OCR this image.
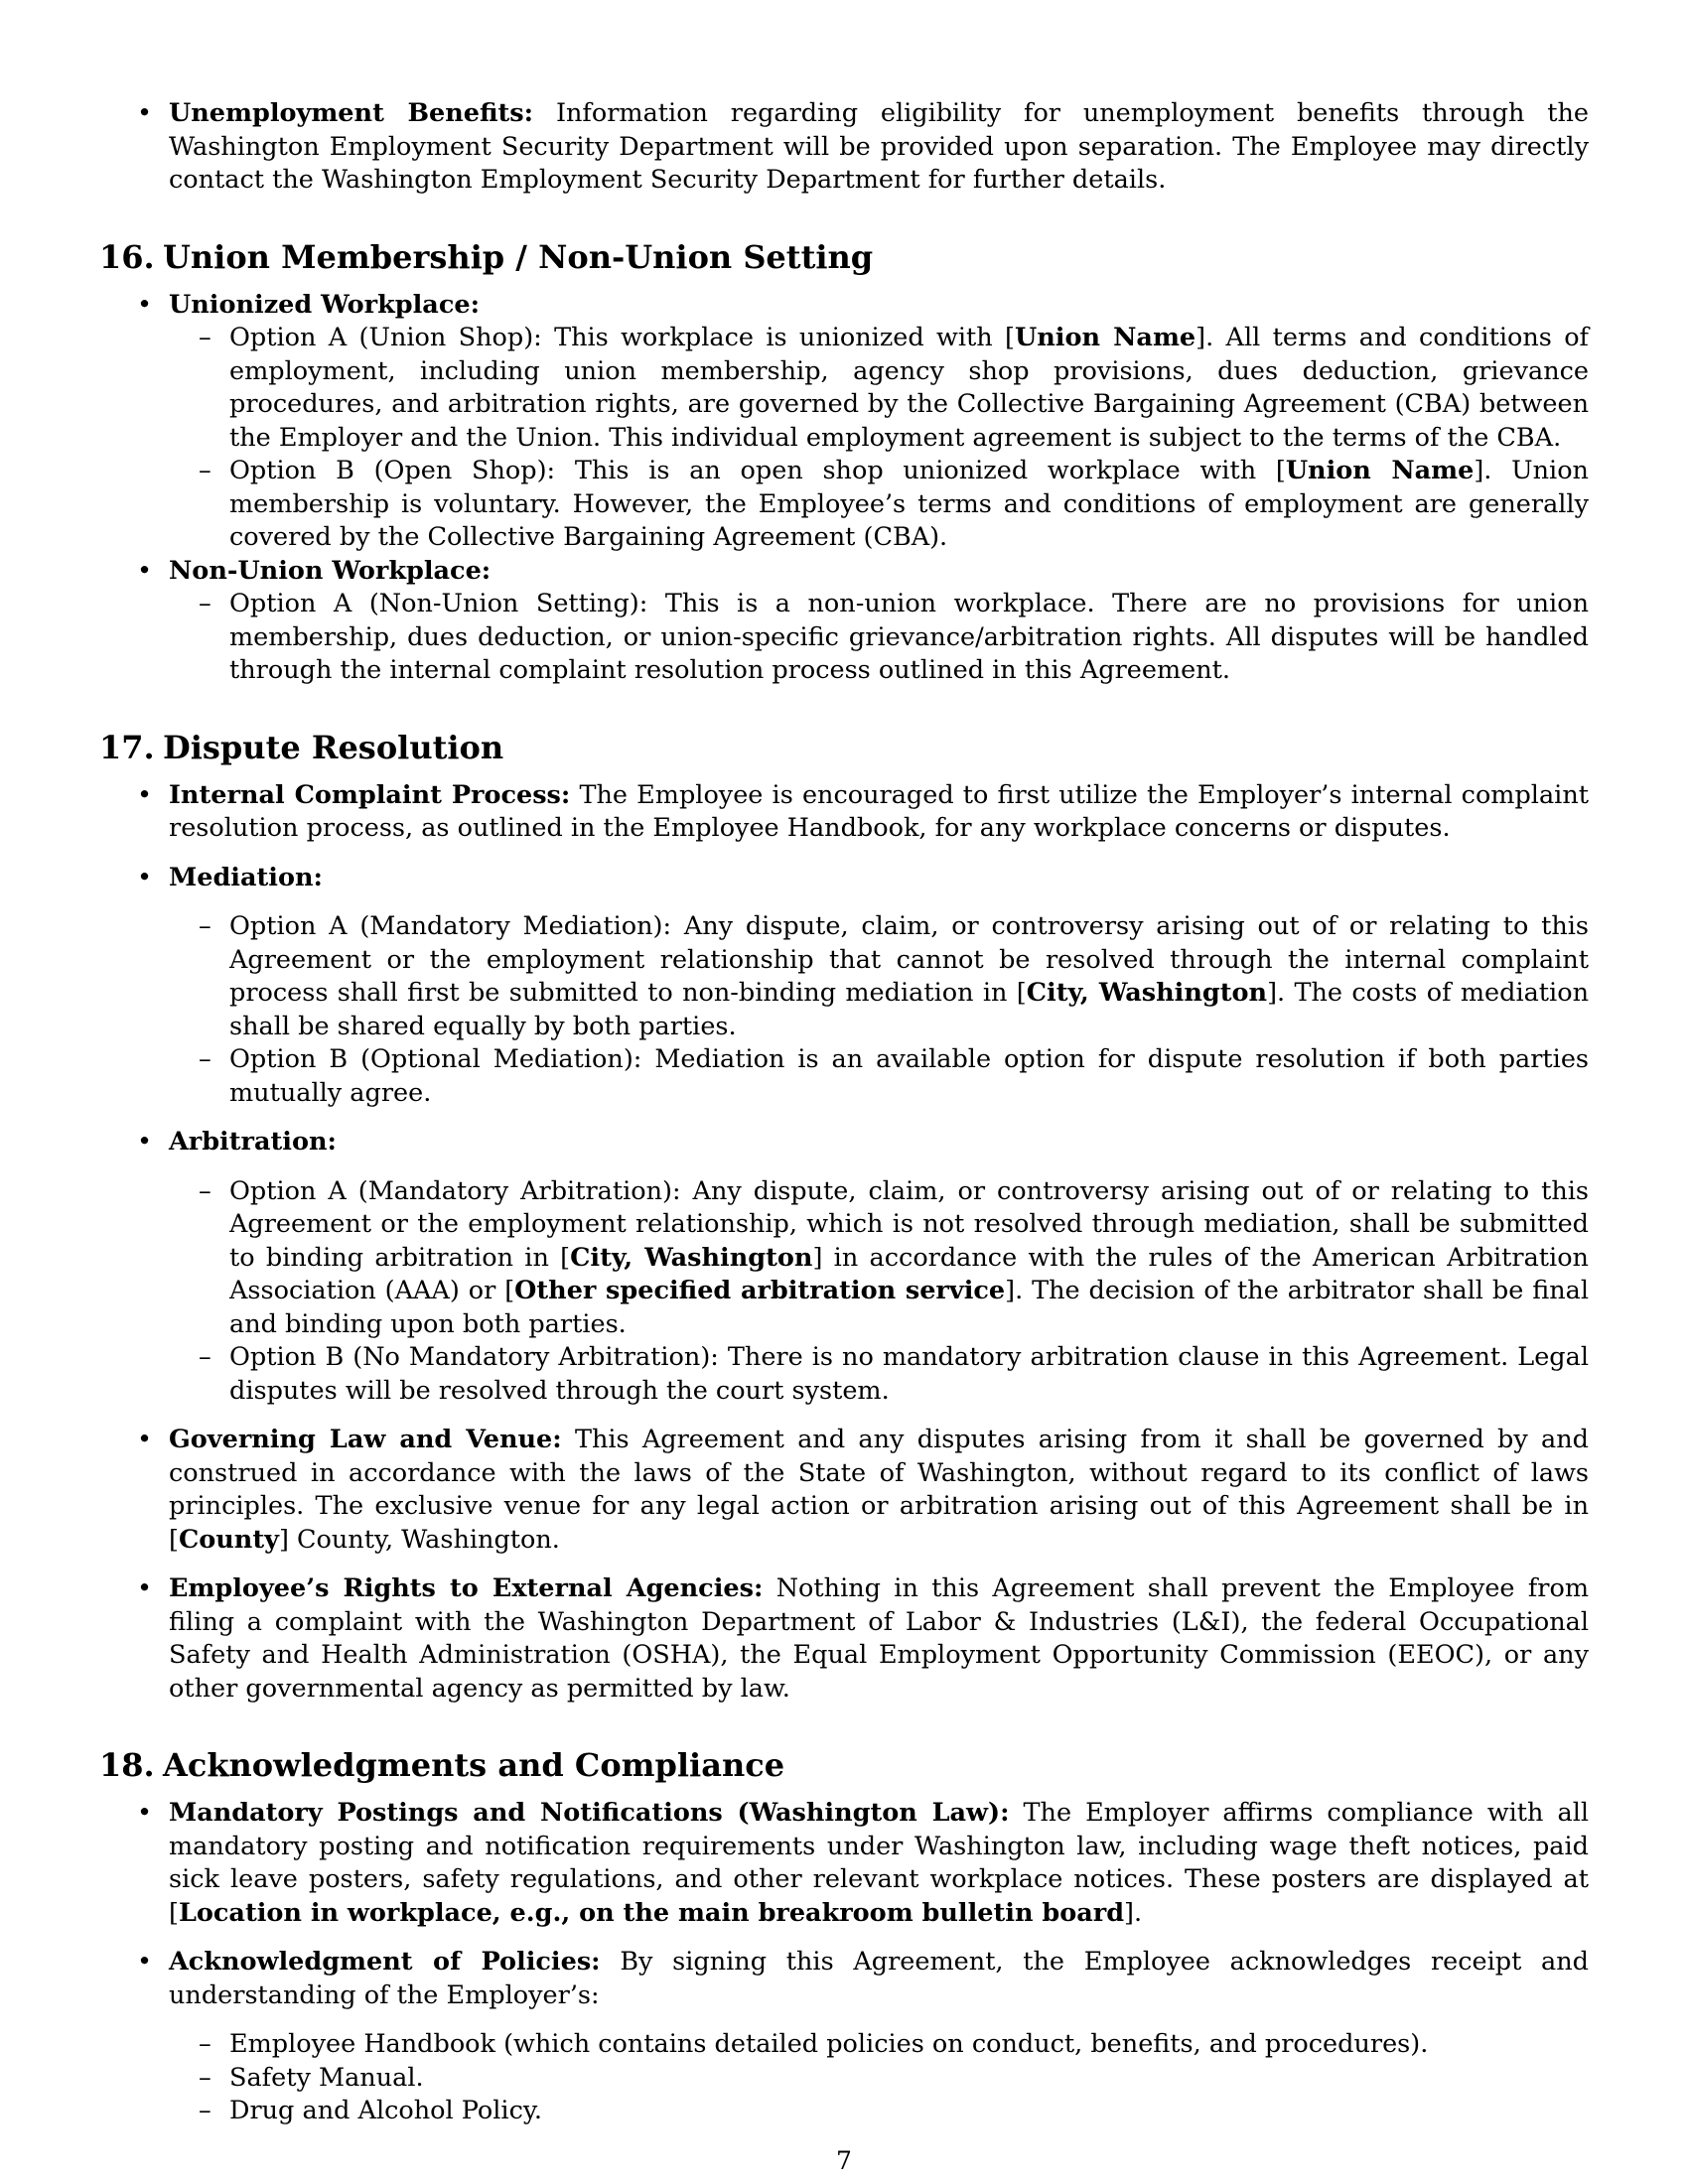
• Unemployment Benefits: Information regarding eligibility for unemployment benefits through the Washington Employment Security Department will be provided upon separation. The Employee may directly contact the Washington Employment Security Department for further details.
16. Union Membership / Non-Union Setting
• Unionized Workplace:
– Option A (Union Shop): This workplace is unionized with [Union Name]. All terms and conditions of employment, including union membership, agency shop provisions, dues deduction, grievance procedures, and arbitration rights, are governed by the Collective Bargaining Agreement (CBA) between the Employer and the Union. This individual employment agreement is subject to the terms of the CBA.
– Option B (Open Shop): This is an open shop unionized workplace with [Union Name]. Union membership is voluntary. However, the Employee’s terms and conditions of employment are generally covered by the Collective Bargaining Agreement (CBA).
• Non-Union Workplace:
– Option A (Non-Union Setting): This is a non-union workplace. There are no provisions for union membership, dues deduction, or union-specific grievance/arbitration rights. All disputes will be handled through the internal complaint resolution process outlined in this Agreement.
17. Dispute Resolution
• Internal Complaint Process: The Employee is encouraged to first utilize the Employer’s internal complaint resolution process, as outlined in the Employee Handbook, for any workplace concerns or disputes.
• Mediation:
– Option A (Mandatory Mediation): Any dispute, claim, or controversy arising out of or relating to this Agreement or the employment relationship that cannot be resolved through the internal complaint process shall first be submitted to non-binding mediation in [City, Washington]. The costs of mediation shall be shared equally by both parties.
– Option B (Optional Mediation): Mediation is an available option for dispute resolution if both parties mutually agree.
• Arbitration:
– Option A (Mandatory Arbitration): Any dispute, claim, or controversy arising out of or relating to this Agreement or the employment relationship, which is not resolved through mediation, shall be submitted to binding arbitration in [City, Washington] in accordance with the rules of the American Arbitration Association (AAA) or [Other specified arbitration service]. The decision of the arbitrator shall be final and binding upon both parties.
– Option B (No Mandatory Arbitration): There is no mandatory arbitration clause in this Agreement. Legal disputes will be resolved through the court system.
• Governing Law and Venue: This Agreement and any disputes arising from it shall be governed by and construed in accordance with the laws of the State of Washington, without regard to its conflict of laws principles. The exclusive venue for any legal action or arbitration arising out of this Agreement shall be in [County] County, Washington.
• Employee’s Rights to External Agencies: Nothing in this Agreement shall prevent the Employee from filing a complaint with the Washington Department of Labor & Industries (L&I), the federal Occupational Safety and Health Administration (OSHA), the Equal Employment Opportunity Commission (EEOC), or any other governmental agency as permitted by law.
18. Acknowledgments and Compliance
• Mandatory Postings and Notifications (Washington Law): The Employer affirms compliance with all mandatory posting and notification requirements under Washington law, including wage theft notices, paid sick leave posters, safety regulations, and other relevant workplace notices. These posters are displayed at [Location in workplace, e.g., on the main breakroom bulletin board].
• Acknowledgment of Policies: By signing this Agreement, the Employee acknowledges receipt and understanding of the Employer’s:
– Employee Handbook (which contains detailed policies on conduct, benefits, and procedures).
– Safety Manual.
– Drug and Alcohol Policy.
7
